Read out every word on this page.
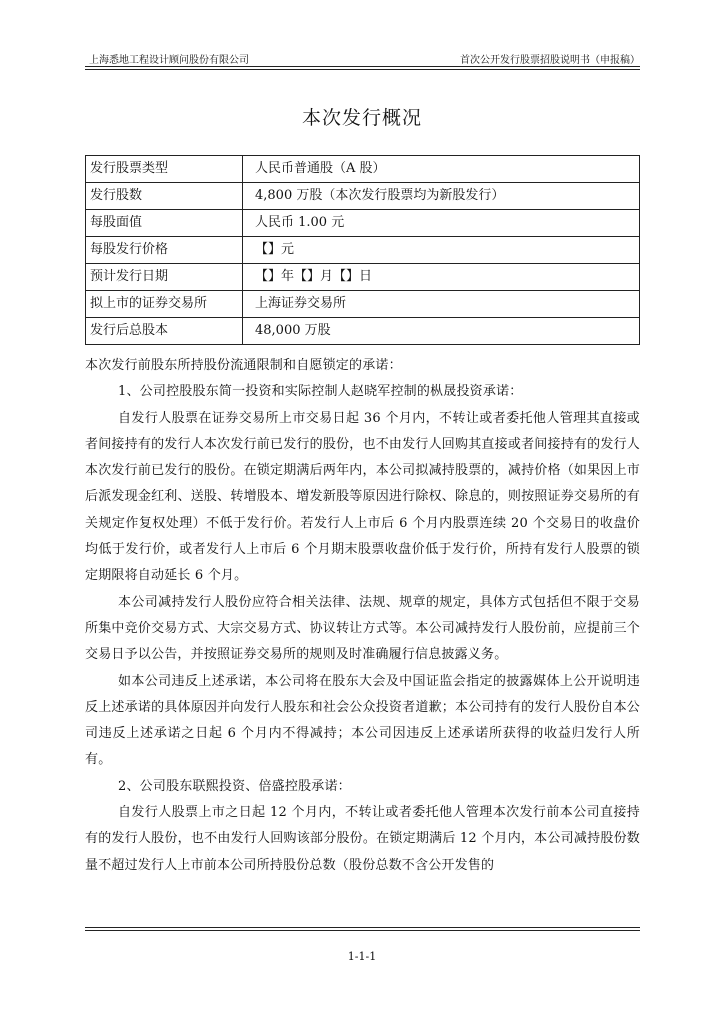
上海悉地工程设计顾问股份有限公司	首次公开发行股票招股说明书（申报稿）
本次发行概况
发行股票类型	人民币普通股（A 股）
发行股数	4,800 万股（本次发行股票均为新股发行）
每股面值	人民币 1.00 元
每股发行价格	【】元
预计发行日期	【】年【】月【】日
拟上市的证券交易所	上海证券交易所
发行后总股本	48,000 万股
本次发行前股东所持股份流通限制和自愿锁定的承诺：
1、公司控股股东简一投资和实际控制人赵晓军控制的枞晟投资承诺：
自发行人股票在证券交易所上市交易日起 36 个月内，不转让或者委托他人管理其直接或者间接持有的发行人本次发行前已发行的股份，也不由发行人回购其直接或者间接持有的发行人本次发行前已发行的股份。在锁定期满后两年内，本公司拟减持股票的，减持价格（如果因上市后派发现金红利、送股、转增股本、增发新股等原因进行除权、除息的，则按照证券交易所的有关规定作复权处理）不低于发行价。若发行人上市后 6 个月内股票连续 20 个交易日的收盘价均低于发行价，或者发行人上市后 6 个月期末股票收盘价低于发行价，所持有发行人股票的锁定期限将自动延长 6 个月。
本公司减持发行人股份应符合相关法律、法规、规章的规定，具体方式包括但不限于交易所集中竞价交易方式、大宗交易方式、协议转让方式等。本公司减持发行人股份前，应提前三个交易日予以公告，并按照证券交易所的规则及时准确履行信息披露义务。
如本公司违反上述承诺，本公司将在股东大会及中国证监会指定的披露媒体上公开说明违反上述承诺的具体原因并向发行人股东和社会公众投资者道歉；本公司持有的发行人股份自本公司违反上述承诺之日起 6 个月内不得减持；本公司因违反上述承诺所获得的收益归发行人所有。
2、公司股东联熙投资、倍盛控股承诺：
自发行人股票上市之日起 12 个月内，不转让或者委托他人管理本次发行前本公司直接持有的发行人股份，也不由发行人回购该部分股份。在锁定期满后 12 个月内，本公司减持股份数量不超过发行人上市前本公司所持股份总数（股份总数不含公开发售的
1-1-1
